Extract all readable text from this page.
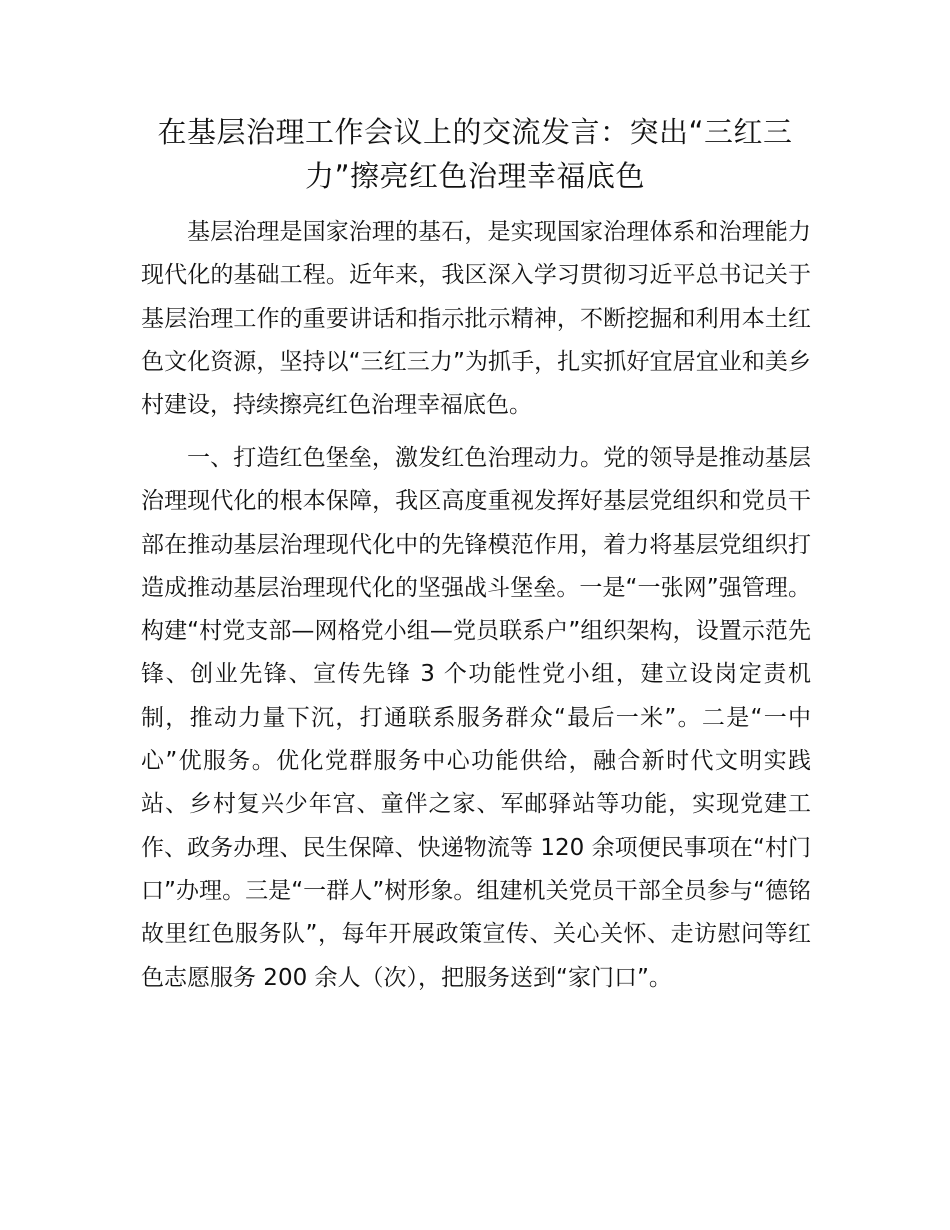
在基层治理工作会议上的交流发言：突出“三红三力”擦亮红色治理幸福底色

基层治理是国家治理的基石，是实现国家治理体系和治理能力现代化的基础工程。近年来，我区深入学习贯彻习近平总书记关于基层治理工作的重要讲话和指示批示精神，不断挖掘和利用本土红色文化资源，坚持以“三红三力”为抓手，扎实抓好宜居宜业和美乡村建设，持续擦亮红色治理幸福底色。

一、打造红色堡垒，激发红色治理动力。党的领导是推动基层治理现代化的根本保障，我区高度重视发挥好基层党组织和党员干部在推动基层治理现代化中的先锋模范作用，着力将基层党组织打造成推动基层治理现代化的坚强战斗堡垒。一是“一张网”强管理。构建“村党支部—网格党小组—党员联系户”组织架构，设置示范先锋、创业先锋、宣传先锋 3 个功能性党小组，建立设岗定责机制，推动力量下沉，打通联系服务群众“最后一米”。二是“一中心”优服务。优化党群服务中心功能供给，融合新时代文明实践站、乡村复兴少年宫、童伴之家、军邮驿站等功能，实现党建工作、政务办理、民生保障、快递物流等 120 余项便民事项在“村门口”办理。三是“一群人”树形象。组建机关党员干部全员参与“德铭故里红色服务队”，每年开展政策宣传、关心关怀、走访慰问等红色志愿服务 200 余人（次），把服务送到“家门口”。
